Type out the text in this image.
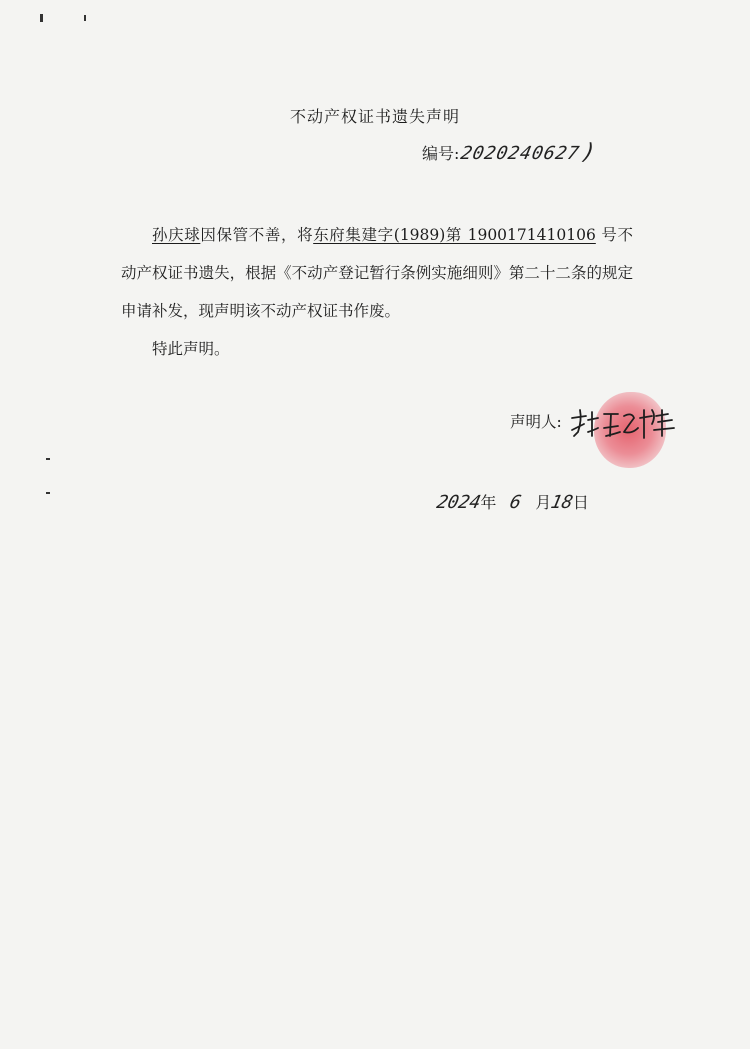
不动产权证书遗失声明
编号: 2020240627
)

孙庆球因保管不善，将东府集建字(1989)第 1900171410106 号不动产权证书遗失，根据《不动产登记暂行条例实施细则》第二十二条的规定申请补发，现声明该不动产权证书作废。

特此声明。

声明人:
2024
年 6 月
18
日
